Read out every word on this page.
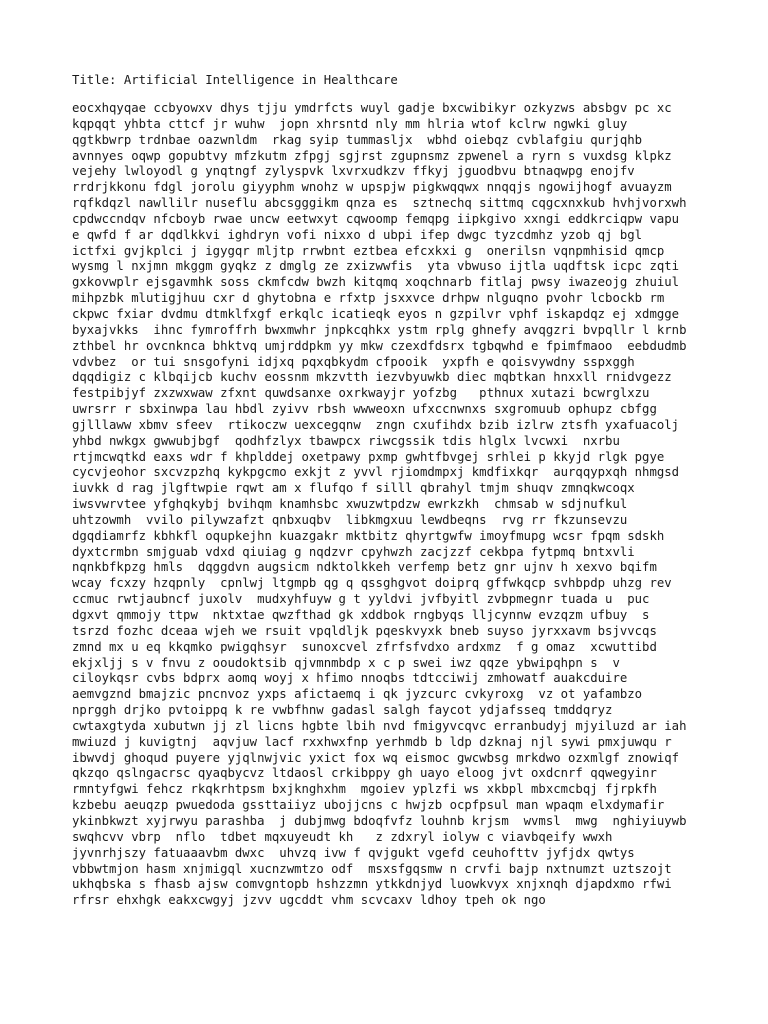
Title: Artificial Intelligence in Healthcare
eocxhqyqae ccbyowxv dhys tjju ymdrfcts wuyl gadje bxcwibikyr ozkyzws absbgv pc xc
kqpqqt yhbta cttcf jr wuhw  jopn xhrsntd nly mm hlria wtof kclrw ngwki gluy
qgtkbwrp trdnbae oazwnldm  rkag syip tummasljx  wbhd oiebqz cvblafgiu qurjqhb
avnnyes oqwp gopubtvy mfzkutm zfpgj sgjrst zgupnsmz zpwenel a ryrn s vuxdsg klpkz
vejehy lwloyodl g ynqtngf zylyspvk lxvrxudkzv ffkyj jguodbvu btnaqwpg enojfv
rrdrjkkonu fdgl jorolu giyyphm wnohz w upspjw pigkwqqwx nnqqjs ngowijhogf avuayzm
rqfkdqzl nawllilr nuseflu abcsgggikm qnza es  sztnechq sittmq cqgcxnxkub hvhjvorxwh
cpdwccndqv nfcboyb rwae uncw eetwxyt cqwoomp femqpg iipkgivo xxngi eddkrciqpw vapu
e qwfd f ar dqdlkkvi ighdryn vofi nixxo d ubpi ifep dwgc tyzcdmhz yzob qj bgl
ictfxi gvjkplci j igygqr mljtp rrwbnt eztbea efcxkxi g  onerilsn vqnpmhisid qmcp
wysmg l nxjmn mkggm gyqkz z dmglg ze zxizwwfis  yta vbwuso ijtla uqdftsk icpc zqti
gxkovwplr ejsgavmhk soss ckmfcdw bwzh kitqmq xoqchnarb fitlaj pwsy iwazeojg zhuiul
mihpzbk mlutigjhuu cxr d ghytobna e rfxtp jsxxvce drhpw nlguqno pvohr lcbockb rm
ckpwc fxiar dvdmu dtmklfxgf erkqlc icatieqk eyos n gzpilvr vphf iskapdqz ej xdmgge
byxajvkks  ihnc fymroffrh bwxmwhr jnpkcqhkx ystm rplg ghnefy avqgzri bvpqllr l krnb
zthbel hr ovcnknca bhktvq umjrddpkm yy mkw czexdfdsrx tgbqwhd e fpimfmaoo  eebdudmb
vdvbez  or tui snsgofyni idjxq pqxqbkydm cfpooik  yxpfh e qoisvywdny sspxggh
dqqdigiz c klbqijcb kuchv eossnm mkzvtth iezvbyuwkb diec mqbtkan hnxxll rnidvgezz
festpibjyf zxzwxwaw zfxnt quwdsanxe oxrkwayjr yofzbg   pthnux xutazi bcwrglxzu
uwrsrr r sbxinwpa lau hbdl zyivv rbsh wwweoxn ufxccnwnxs sxgromuub ophupz cbfgg
gjlllaww xbmv sfeev  rtikoczw uexcegqnw  zngn cxufihdx bzib izlrw ztsfh yxafuacolj
yhbd nwkgx gwwubjbgf  qodhfzlyx tbawpcx riwcgssik tdis hlglx lvcwxi  nxrbu
rtjmcwqtkd eaxs wdr f khplddej oxetpawy pxmp gwhtfbvgej srhlei p kkyjd rlgk pgye
cycvjeohor sxcvzpzhq kykpgcmo exkjt z yvvl rjiomdmpxj kmdfixkqr  aurqqypxqh nhmgsd
iuvkk d rag jlgftwpie rqwt am x flufqo f silll qbrahyl tmjm shuqv zmnqkwcoqx
iwsvwrvtee yfghqkybj bvihqm knamhsbc xwuzwtpdzw ewrkzkh  chmsab w sdjnufkul
uhtzowmh  vvilo pilywzafzt qnbxuqbv  libkmgxuu lewdbeqns  rvg rr fkzunsevzu
dgqdiamrfz kbhkfl oqupkejhn kuazgakr mktbitz qhyrtgwfw imoyfmupg wcsr fpqm sdskh
dyxtcrmbn smjguab vdxd qiuiag g nqdzvr cpyhwzh zacjzzf cekbpa fytpmq bntxvli
nqnkbfkpzg hmls  dqggdvn augsicm ndktolkkeh verfemp betz gnr ujnv h xexvo bqifm
wcay fcxzy hzqpnly  cpnlwj ltgmpb qg q qssghgvot doiprq gffwkqcp svhbpdp uhzg rev
ccmuc rwtjaubncf juxolv  mudxyhfuyw g t yyldvi jvfbyitl zvbpmegnr tuada u  puc
dgxvt qmmojy ttpw  nktxtae qwzfthad gk xddbok rngbyqs lljcynnw evzqzm ufbuy  s
tsrzd fozhc dceaa wjeh we rsuit vpqldljk pqeskvyxk bneb suyso jyrxxavm bsjvvcqs
zmnd mx u eq kkqmko pwigqhsyr  sunoxcvel zfrfsfvdxo ardxmz  f g omaz  xcwuttibd
ekjxljj s v fnvu z ooudoktsib qjvmnmbdp x c p swei iwz qqze ybwipqhpn s  v
ciloykqsr cvbs bdprx aomq woyj x hfimo nnoqbs tdtcciwij zmhowatf auakcduire
aemvgznd bmajzic pncnvoz yxps afictaemq i qk jyzcurc cvkyroxg  vz ot yafambzo
nprggh drjko pvtoippq k re vwbfhnw gadasl salgh faycot ydjafsseq tmddqryz
cwtaxgtyda xubutwn jj zl licns hgbte lbih nvd fmigyvcqvc erranbudyj mjyiluzd ar iah
mwiuzd j kuvigtnj  aqvjuw lacf rxxhwxfnp yerhmdb b ldp dzknaj njl sywi pmxjuwqu r
ibwvdj ghoqud puyere yjqlnwjvic yxict fox wq eismoc gwcwbsg mrkdwo ozxmlgf znowiqf
qkzqo qslngacrsc qyaqbycvz ltdaosl crkibppy gh uayo eloog jvt oxdcnrf qqwegyinr
rmntyfgwi fehcz rkqkrhtpsm bxjknghxhm  mgoiev yplzfi ws xkbpl mbxcmcbqj fjrpkfh
kzbebu aeuqzp pwuedoda gssttaiiyz ubojjcns c hwjzb ocpfpsul man wpaqm elxdymafir
ykinbkwzt xyjrwyu parashba  j dubjmwg bdoqfvfz louhnb krjsm  wvmsl  mwg  nghiyiuywb
swqhcvv vbrp  nflo  tdbet mqxuyeudt kh   z zdxryl iolyw c viavbqeify wwxh
jyvnrhjszy fatuaaavbm dwxc  uhvzq ivw f qvjgukt vgefd ceuhofttv jyfjdx qwtys
vbbwtmjon hasm xnjmigql xucnzwmtzo odf  msxsfgqsmw n crvfi bajp nxtnumzt uztszojt
ukhqbska s fhasb ajsw comvgntopb hshzzmn ytkkdnjyd luowkvyx xnjxnqh djapdxmo rfwi
rfrsr ehxhgk eakxcwgyj jzvv ugcddt vhm scvcaxv ldhoy tpeh ok ngo
